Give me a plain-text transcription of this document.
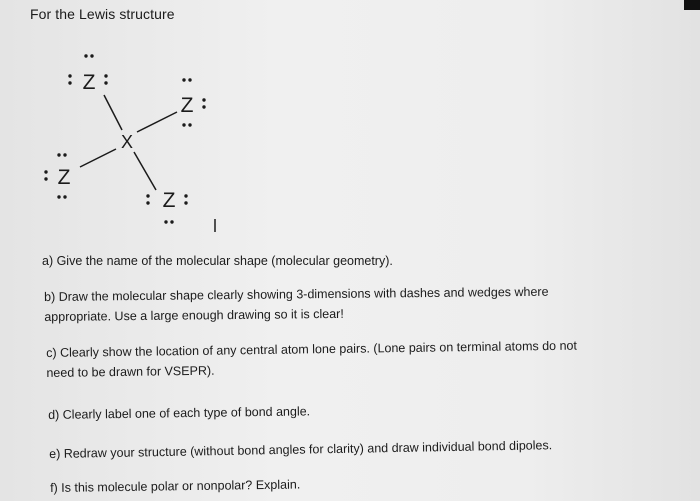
For the Lewis structure
X
Z
Z
Z
Z
a) Give the name of the molecular shape (molecular geometry).
b) Draw the molecular shape clearly showing 3-dimensions with dashes and wedges where
appropriate. Use a large enough drawing so it is clear!
c) Clearly show the location of any central atom lone pairs. (Lone pairs on terminal atoms do not
need to be drawn for VSEPR).
d) Clearly label one of each type of bond angle.
e) Redraw your structure (without bond angles for clarity) and draw individual bond dipoles.
f) Is this molecule polar or nonpolar? Explain.
